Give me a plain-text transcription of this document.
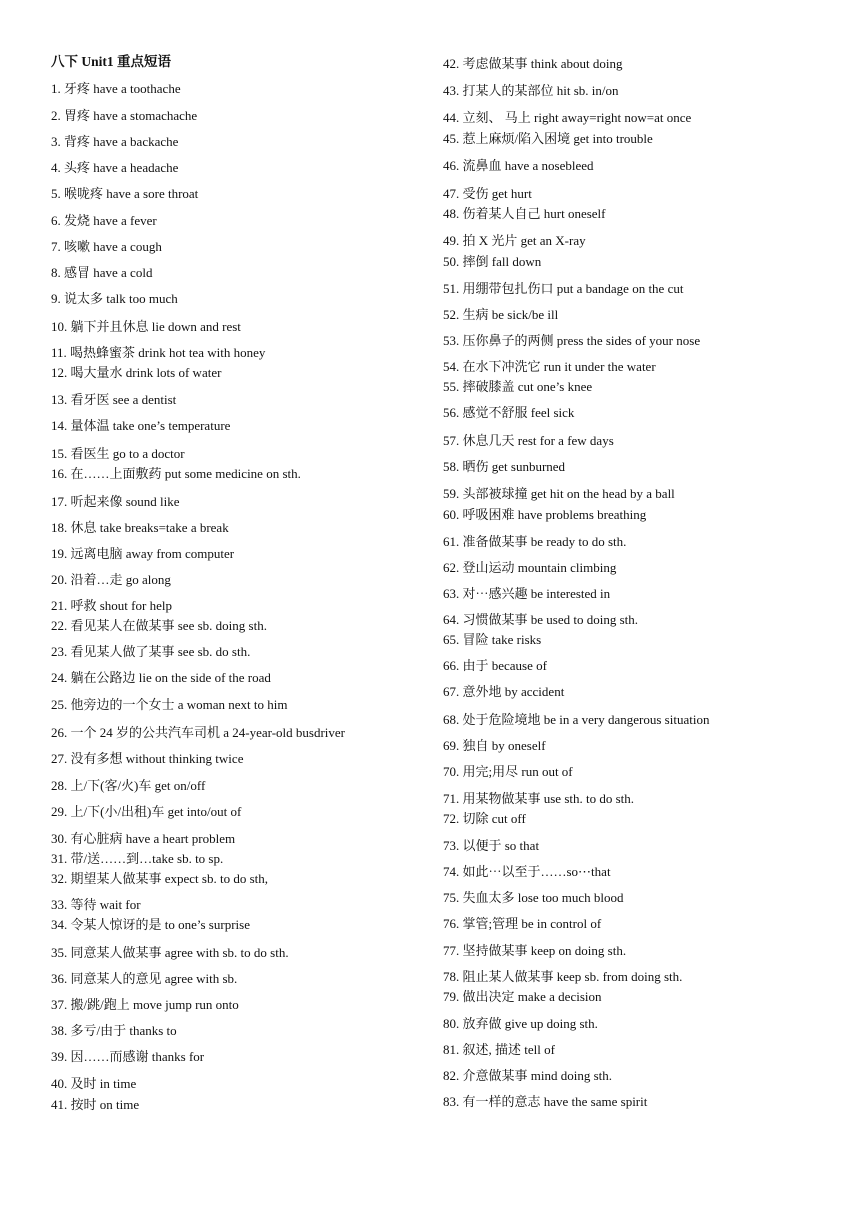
八下 Unit1 重点短语
1. 牙疼 have a toothache
2. 胃疼 have a stomachache
3. 背疼 have a backache
4. 头疼 have a headache
5. 喉咙疼 have a sore throat
6. 发烧 have a fever
7. 咳嗽 have a cough
8. 感冒 have a cold
9. 说太多 talk too much
10. 躺下并且休息 lie down and rest
11. 喝热蜂蜜茶 drink hot tea with honey
12. 喝大量水 drink lots of water
13. 看牙医 see a dentist
14. 量体温 take one’s temperature
15. 看医生 go to a doctor
16. 在……上面敷药 put some medicine on sth.
17. 听起来像 sound like
18. 休息 take breaks=take a break
19. 远离电脑 away from computer
20. 沿着…走 go along
21. 呼救 shout for help
22. 看见某人在做某事 see sb. doing sth.
23. 看见某人做了某事 see sb. do sth.
24. 躺在公路边 lie on the side of the road
25. 他旁边的一个女士 a woman next to him
26. 一个 24 岁的公共汽车司机 a 24-year-old busdriver
27. 没有多想 without thinking twice
28. 上/下(客/火)车 get on/off
29. 上/下(小/出租)车 get into/out of
30. 有心脏病 have a heart problem
31. 带/送……到…take sb. to sp.
32. 期望某人做某事 expect sb. to do sth,
33. 等待 wait for
34. 令某人惊讶的是 to one’s surprise
35. 同意某人做某事 agree with sb. to do sth.
36. 同意某人的意见 agree with sb.
37. 搬/跳/跑上 move jump run onto
38. 多亏/由于 thanks to
39. 因……而感谢 thanks for
40. 及时 in time
41. 按时 on time
42. 考虑做某事 think about doing
43. 打某人的某部位 hit sb. in/on
44. 立刻、 马上 right away=right now=at once
45. 惹上麻烦/陷入困境 get into trouble
46. 流鼻血 have a nosebleed
47. 受伤 get hurt
48. 伤着某人自己 hurt oneself
49. 拍 X 光片 get an X-ray
50. 摔倒 fall down
51. 用绷带包扎伤口 put a bandage on the cut
52. 生病 be sick/be ill
53. 压你鼻子的两侧 press the sides of your nose
54. 在水下冲洗它 run it under the water
55. 摔破膝盖 cut one’s knee
56. 感觉不舒服 feel sick
57. 休息几天 rest for a few days
58. 晒伤 get sunburned
59. 头部被球撞 get hit on the head by a ball
60. 呼吸困难 have problems breathing
61. 准备做某事 be ready to do sth.
62. 登山运动 mountain climbing
63. 对⋯感兴趣 be interested in
64. 习惯做某事 be used to doing sth.
65. 冒险 take risks
66. 由于 because of
67. 意外地 by accident
68. 处于危险境地 be in a very dangerous situation
69. 独自 by oneself
70. 用完;用尽 run out of
71. 用某物做某事 use sth. to do sth.
72. 切除 cut off
73. 以便于 so that
74. 如此⋯以至于……so⋯that
75. 失血太多 lose too much blood
76. 掌管;管理 be in control of
77. 坚持做某事 keep on doing sth.
78. 阻止某人做某事 keep sb. from doing sth.
79. 做出决定 make a decision
80. 放弃做 give up doing sth.
81. 叙述, 描述 tell of
82. 介意做某事 mind doing sth.
83. 有一样的意志 have the same spirit
